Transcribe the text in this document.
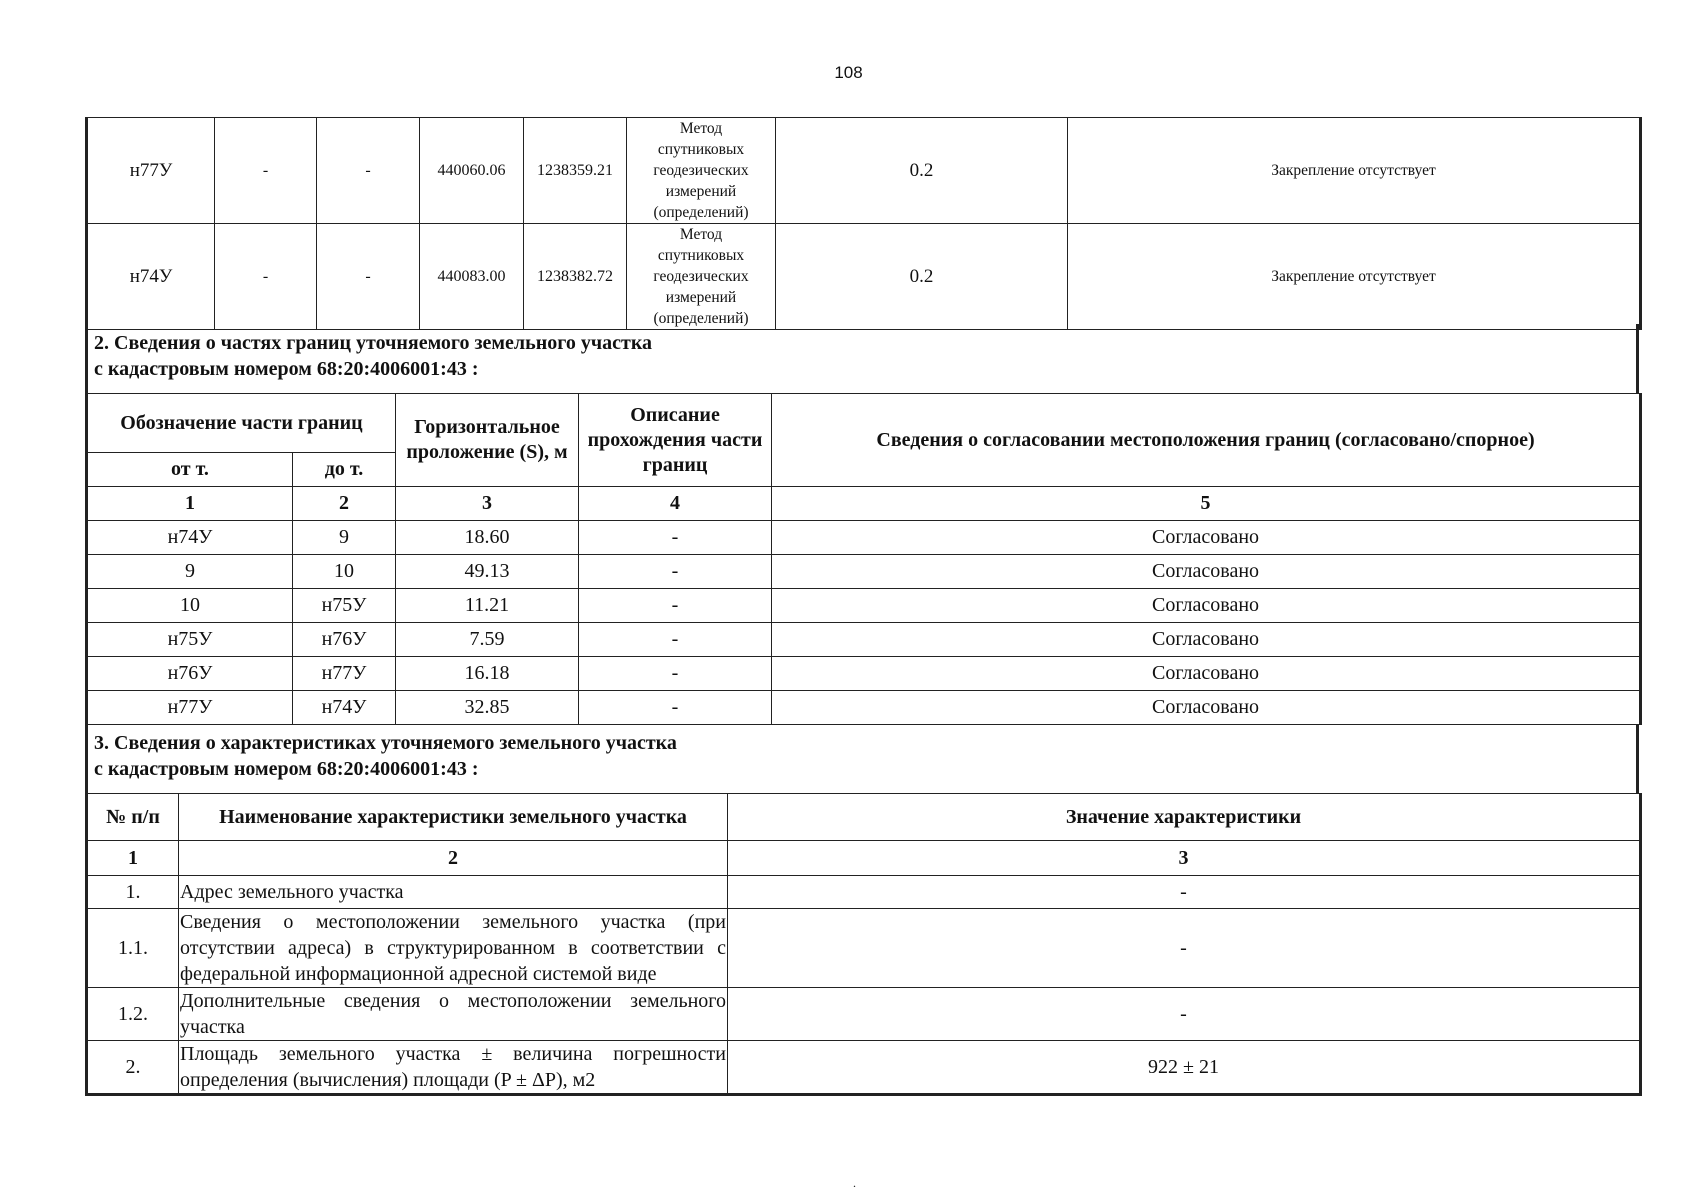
108
н77У	-	-	440060.06	1238359.21	Метод
спутниковых
геодезических
измерений
(определений)	0.2	Закрепление отсутствует
н74У	-	-	440083.00	1238382.72	Метод
спутниковых
геодезических
измерений
(определений)	0.2	Закрепление отсутствует
2. Сведения о частях границ уточняемого земельного участка
с кадастровым номером 68:20:4006001:43 :
Обозначение части границ		Горизонтальное проложение (S), м	Описание прохождения части границ	Сведения о согласовании местоположения границ (согласовано/спорное)
от т.	до т.			
1	2	3	4	5
н74У	9	18.60	-	Согласовано
9	10	49.13	-	Согласовано
10	н75У	11.21	-	Согласовано
н75У	н76У	7.59	-	Согласовано
н76У	н77У	16.18	-	Согласовано
н77У	н74У	32.85	-	Согласовано
3. Сведения о характеристиках уточняемого земельного участка
с кадастровым номером 68:20:4006001:43 :
№ п/п	Наименование характеристики земельного участка	Значение характеристики
1	2	3
1.	Адрес земельного участка	-
1.1.	Сведения о местоположении земельного участка (при отсутствии адреса) в структурированном в соответствии с федеральной информационной адресной системой виде	-
1.2.	Дополнительные сведения о местоположении земельного участка	-
2.	Площадь земельного участка ± величина погрешности определения (вычисления) площади (P ± ΔP), м2	922 ± 21
.
